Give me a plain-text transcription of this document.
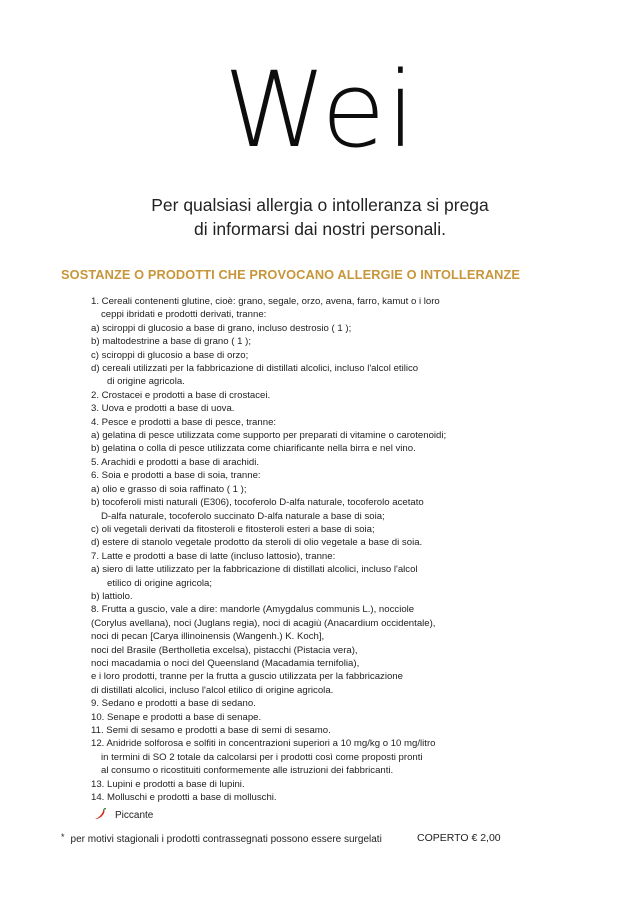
Wei
Per qualsiasi allergia o intolleranza si prega
di informarsi dai nostri personali.
SOSTANZE O PRODOTTI CHE PROVOCANO ALLERGIE O INTOLLERANZE
1. Cereali contenenti glutine, cioè: grano, segale, orzo, avena, farro, kamut o i loro
ceppi ibridati e prodotti derivati, tranne:
a) sciroppi di glucosio a base di grano, incluso destrosio ( 1 );
b) maltodestrine a base di grano ( 1 );
c) sciroppi di glucosio a base di orzo;
d) cereali utilizzati per la fabbricazione di distillati alcolici, incluso l'alcol etilico
di origine agricola.
2. Crostacei e prodotti a base di crostacei.
3. Uova e prodotti a base di uova.
4. Pesce e prodotti a base di pesce, tranne:
a) gelatina di pesce utilizzata come supporto per preparati di vitamine o carotenoidi;
b) gelatina o colla di pesce utilizzata come chiarificante nella birra e nel vino.
5. Arachidi e prodotti a base di arachidi.
6. Soia e prodotti a base di soia, tranne:
a) olio e grasso di soia raffinato ( 1 );
b) tocoferoli misti naturali (E306), tocoferolo D-alfa naturale, tocoferolo acetato
D-alfa naturale, tocoferolo succinato D-alfa naturale a base di soia;
c) oli vegetali derivati da fitosteroli e fitosteroli esteri a base di soia;
d) estere di stanolo vegetale prodotto da steroli di olio vegetale a base di soia.
7. Latte e prodotti a base di latte (incluso lattosio), tranne:
a) siero di latte utilizzato per la fabbricazione di distillati alcolici, incluso l'alcol
etilico di origine agricola;
b) lattiolo.
8. Frutta a guscio, vale a dire: mandorle (Amygdalus communis L.), nocciole
(Corylus avellana), noci (Juglans regia), noci di acagiù (Anacardium occidentale),
noci di pecan [Carya illinoinensis (Wangenh.) K. Koch],
noci del Brasile (Bertholletia excelsa), pistacchi (Pistacia vera),
noci macadamia o noci del Queensland (Macadamia ternifolia),
e i loro prodotti, tranne per la frutta a guscio utilizzata per la fabbricazione
di distillati alcolici, incluso l'alcol etilico di origine agricola.
9. Sedano e prodotti a base di sedano.
10. Senape e prodotti a base di senape.
11. Semi di sesamo e prodotti a base di semi di sesamo.
12. Anidride solforosa e solfiti in concentrazioni superiori a 10 mg/kg o 10 mg/litro
in termini di SO 2 totale da calcolarsi per i prodotti così come proposti pronti
al consumo o ricostituiti conformemente alle istruzioni dei fabbricanti.
13. Lupini e prodotti a base di lupini.
14. Molluschi e prodotti a base di molluschi.
Piccante
* per motivi stagionali i prodotti contrassegnati possono essere surgelati	COPERTO € 2,00
